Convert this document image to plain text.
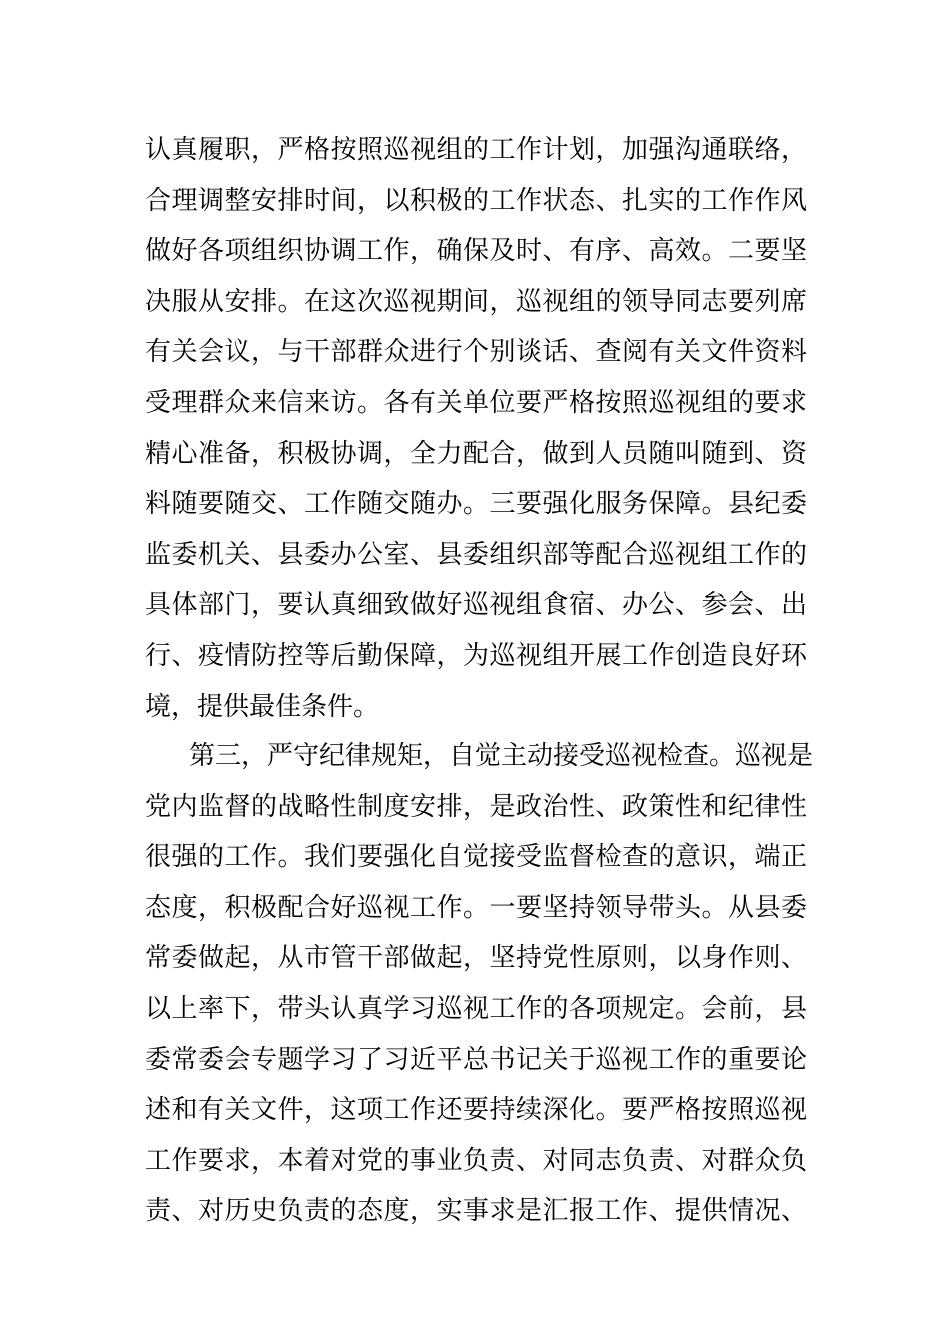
认真履职，严格按照巡视组的工作计划，加强沟通联络，
合理调整安排时间，以积极的工作状态、扎实的工作作风
做好各项组织协调工作，确保及时、有序、高效。二要坚
决服从安排。在这次巡视期间，巡视组的领导同志要列席
有关会议，与干部群众进行个别谈话、查阅有关文件资料
受理群众来信来访。各有关单位要严格按照巡视组的要求
精心准备，积极协调，全力配合，做到人员随叫随到、资
料随要随交、工作随交随办。三要强化服务保障。县纪委
监委机关、县委办公室、县委组织部等配合巡视组工作的
具体部门，要认真细致做好巡视组食宿、办公、参会、出
行、疫情防控等后勤保障，为巡视组开展工作创造良好环
境，提供最佳条件。
第三，严守纪律规矩，自觉主动接受巡视检查。巡视是
党内监督的战略性制度安排，是政治性、政策性和纪律性
很强的工作。我们要强化自觉接受监督检查的意识，端正
态度，积极配合好巡视工作。一要坚持领导带头。从县委
常委做起，从市管干部做起，坚持党性原则，以身作则、
以上率下，带头认真学习巡视工作的各项规定。会前，县
委常委会专题学习了习近平总书记关于巡视工作的重要论
述和有关文件，这项工作还要持续深化。要严格按照巡视
工作要求，本着对党的事业负责、对同志负责、对群众负
责、对历史负责的态度，实事求是汇报工作、提供情况、
